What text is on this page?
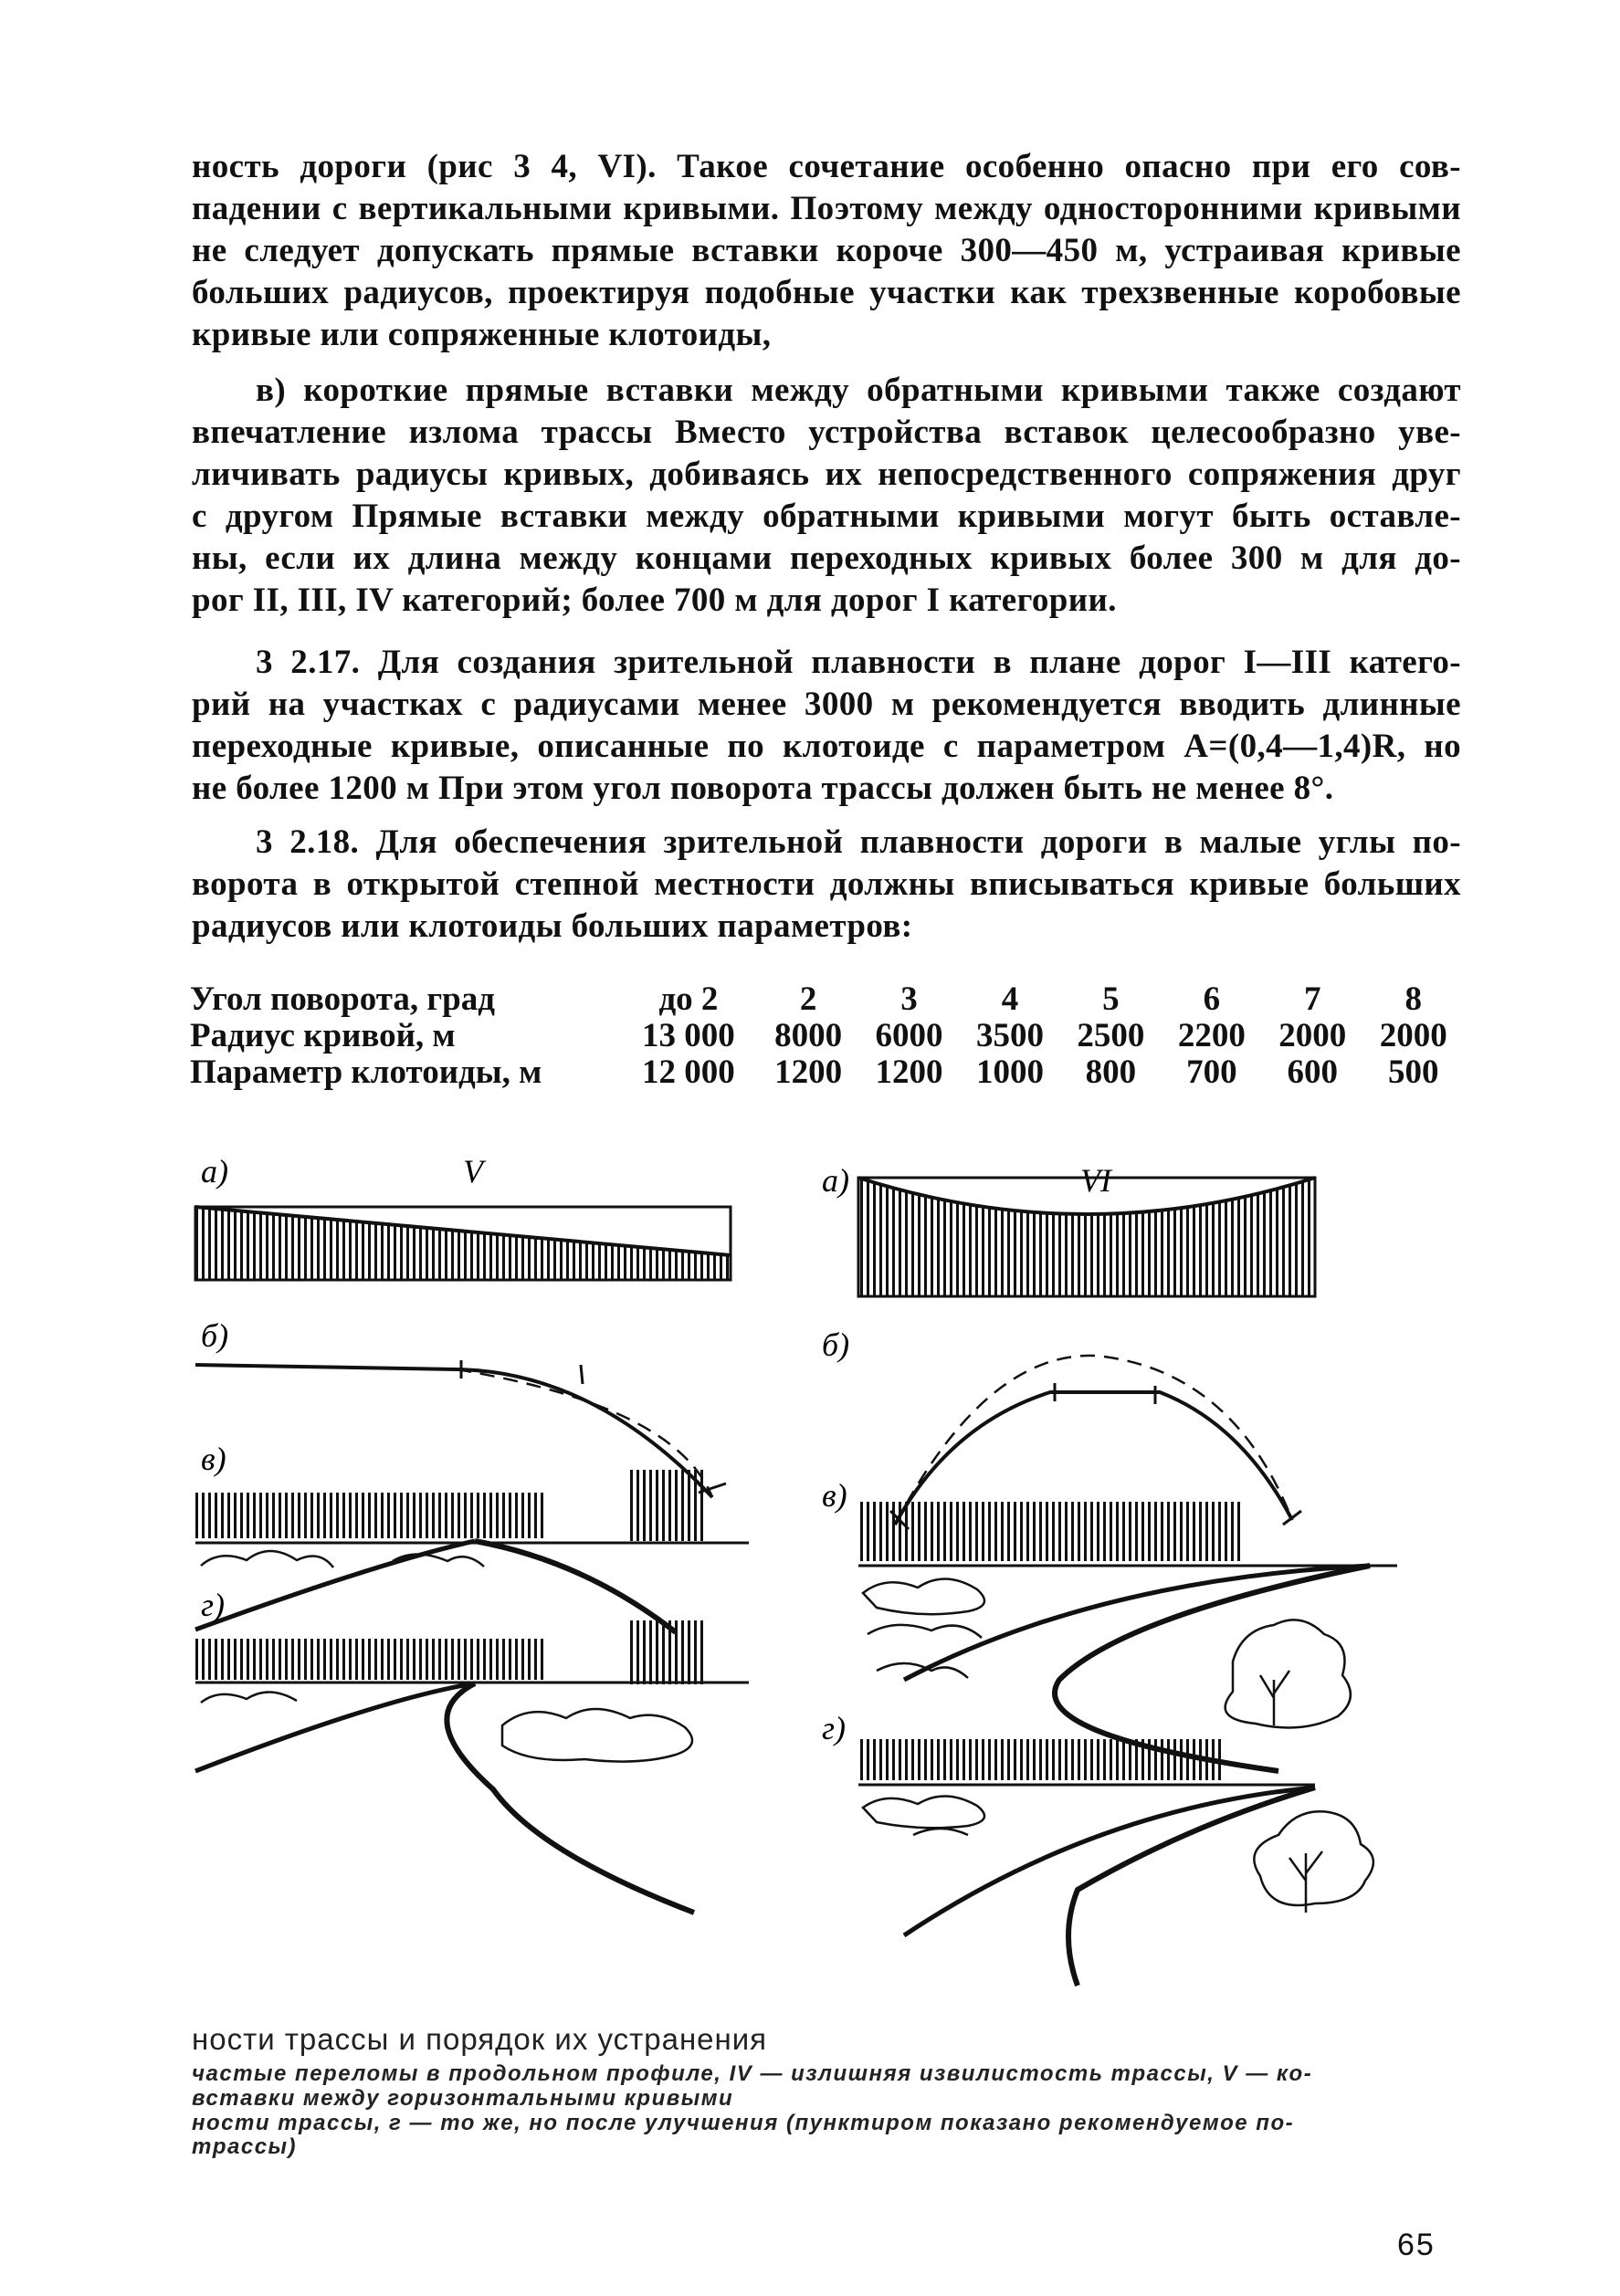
ность дороги (рис 3 4, VI). Такое сочетание особенно опасно при его сов-
падении с вертикальными кривыми. Поэтому между односторонними кривыми
не следует допускать прямые вставки короче 300—450 м, устраивая кривые
больших радиусов, проектируя подобные участки как трехзвенные коробовые
кривые или сопряженные клотоиды,
в) короткие прямые вставки между обратными кривыми также создают
впечатление излома трассы Вместо устройства вставок целесообразно уве-
личивать радиусы кривых, добиваясь их непосредственного сопряжения друг
с другом Прямые вставки между обратными кривыми могут быть оставле-
ны, если их длина между концами переходных кривых более 300 м для до-
рог II, III, IV категорий; более 700 м для дорог I категории.
3 2.17. Для создания зрительной плавности в плане дорог I—III катего-
рий на участках с радиусами менее 3000 м рекомендуется вводить длинные
переходные кривые, описанные по клотоиде с параметром A=(0,4—1,4)R, но
не более 1200 м При этом угол поворота трассы должен быть не менее 8°.
3 2.18. Для обеспечения зрительной плавности дороги в малые углы по-
ворота в открытой степной местности должны вписываться кривые больших
радиусов или клотоиды больших параметров:
Угол поворота, град	до 2	2	3	4	5	6	7	8
Радиус кривой, м	13 000	8000	6000	3500	2500	2200	2000	2000
Параметр клотоиды, м	12 000	1200	1200	1000	800	700	600	500
а)	V
б)
в)
г)
а)	VI
б)
в)
г)
ности трассы и порядок их устранения
частые переломы в продольном профиле, IV — излишняя извилистость трассы, V — ко-
вставки между горизонтальными кривыми
ности трассы, г — то же, но после улучшения (пунктиром показано рекомендуемое по-
трассы)
65
